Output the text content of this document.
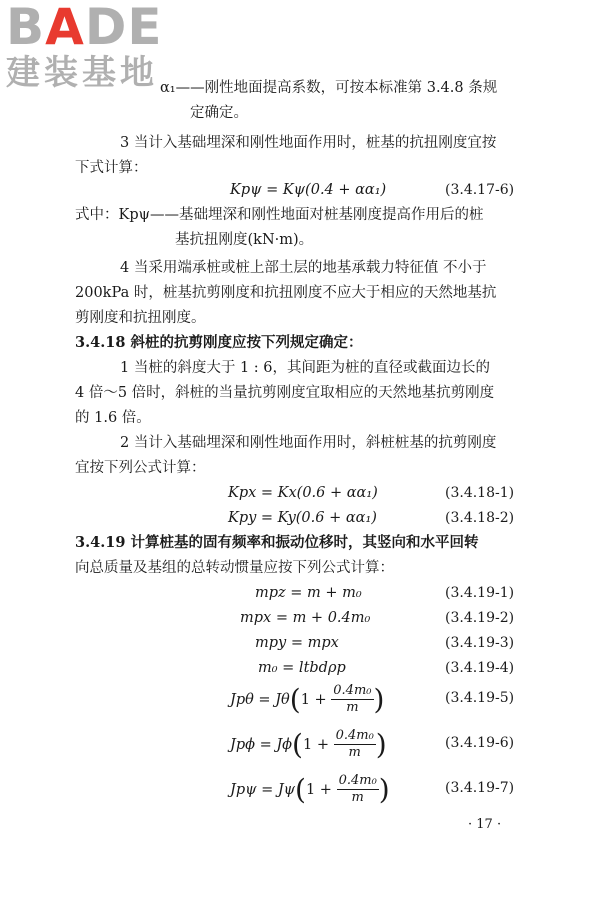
BADE
建装基地 α₁——刚性地面提高系数，可按本标准第 3.4.8 条规
定确定。
3 当计入基础埋深和刚性地面作用时，桩基的抗扭刚度宜按
下式计算：
Kpψ = Kψ(0.4 + αα₁)	(3.4.17-6)
式中：Kpψ——基础埋深和刚性地面对桩基刚度提高作用后的桩
基抗扭刚度(kN·m)。
4 当采用端承桩或桩上部土层的地基承载力特征值 不小于
200kPa 时，桩基抗剪刚度和抗扭刚度不应大于相应的天然地基抗
剪刚度和抗扭刚度。
3.4.18 斜桩的抗剪刚度应按下列规定确定：
1 当桩的斜度大于 1 : 6，其间距为桩的直径或截面边长的
4 倍～5 倍时，斜桩的当量抗剪刚度宜取相应的天然地基抗剪刚度
的 1.6 倍。
2 当计入基础埋深和刚性地面作用时，斜桩桩基的抗剪刚度
宜按下列公式计算：
Kpx = Kx(0.6 + αα₁)	(3.4.18-1)
Kpy = Ky(0.6 + αα₁)	(3.4.18-2)
3.4.19 计算桩基的固有频率和振动位移时，其竖向和水平回转
向总质量及基组的总转动惯量应按下列公式计算：
mpz = m + m₀	(3.4.19-1)
mpx = m + 0.4m₀	(3.4.19-2)
mpy = mpx	(3.4.19-3)
m₀ = ltbdρp	(3.4.19-4)
Jpθ = Jθ ( 1 +
$\frac{\text{0.4m₀}}{m}$ )	(3.4.19-5)
Jpϕ = Jϕ ( 1 +
$\frac{\text{0.4m₀}}{m}$ )	(3.4.19-6)
Jpψ = Jψ ( 1 +
$\frac{\text{0.4m₀}}{m}$ )	(3.4.19-7)
· 17 ·
